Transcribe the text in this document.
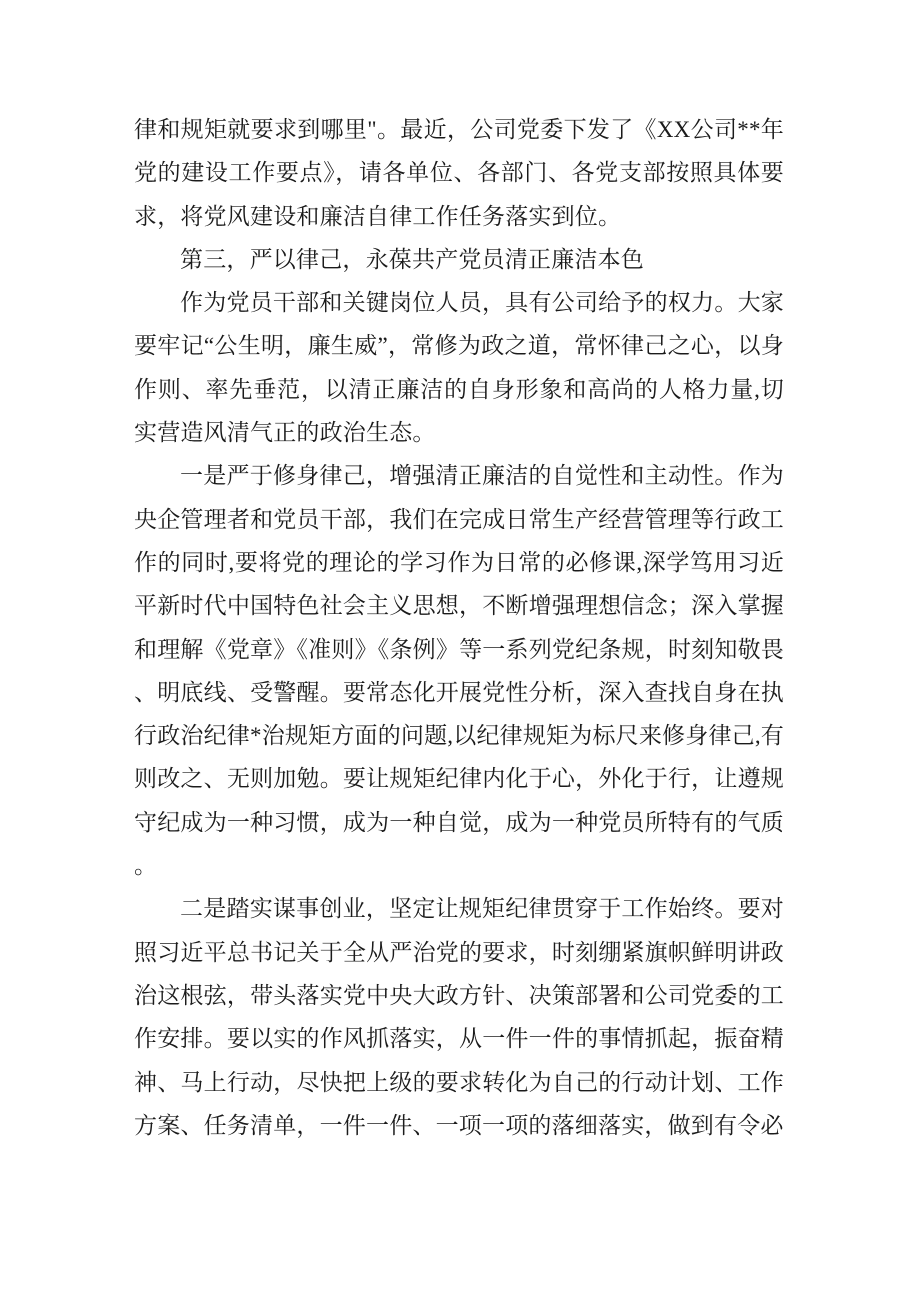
律和规矩就要求到哪里"。最近，公司党委下发了《XX公司**年党的建设工作要点》，请各单位、各部门、各党支部按照具体要求，将党风建设和廉洁自律工作任务落实到位。

第三，严以律己，永葆共产党员清正廉洁本色

作为党员干部和关键岗位人员，具有公司给予的权力。大家要牢记“公生明，廉生威”，常修为政之道，常怀律己之心，以身作则、率先垂范，以清正廉洁的自身形象和高尚的人格力量,切实营造风清气正的政治生态。

一是严于修身律己，增强清正廉洁的自觉性和主动性。作为央企管理者和党员干部，我们在完成日常生产经营管理等行政工作的同时,要将党的理论的学习作为日常的必修课,深学笃用习近平新时代中国特色社会主义思想，不断增强理想信念；深入掌握和理解《党章》《准则》《条例》等一系列党纪条规，时刻知敬畏、明底线、受警醒。要常态化开展党性分析，深入查找自身在执行政治纪律*治规矩方面的问题,以纪律规矩为标尺来修身律己,有则改之、无则加勉。要让规矩纪律内化于心，外化于行，让遵规守纪成为一种习惯，成为一种自觉，成为一种党员所特有的气质。

二是踏实谋事创业，坚定让规矩纪律贯穿于工作始终。要对照习近平总书记关于全从严治党的要求，时刻绷紧旗帜鲜明讲政治这根弦，带头落实党中央大政方针、决策部署和公司党委的工作安排。要以实的作风抓落实，从一件一件的事情抓起，振奋精神、马上行动，尽快把上级的要求转化为自己的行动计划、工作方案、任务清单，一件一件、一项一项的落细落实，做到有令必
